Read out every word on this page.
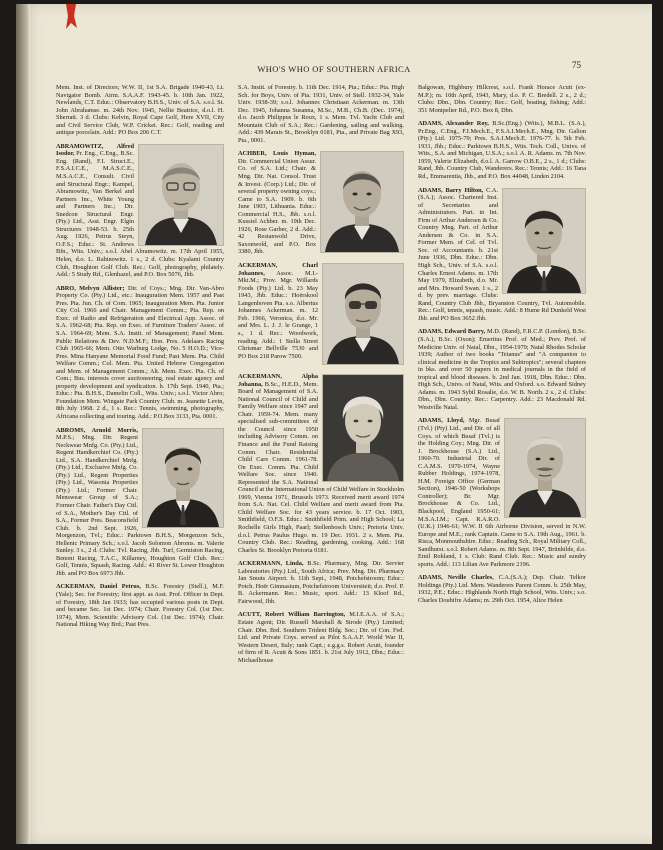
WHO'S WHO OF SOUTHERN AFRICA	75
Mem. Inst. of Directors; W.W. II, 1st S.A. Brigade 1940-43, Lt. Navigator Bomb. Airm. S.A.A.F. 1943-45. b. 10th Jan. 1922, Newlands, C.T. Educ.: Observatory B.H.S., Univ. of S.A. s.o.l. St. John Abrahamse. m. 24th Nov. 1945, Nellie Beatrice, d.o.l. H. Sherratt. 3 d. Clubs: Kelvin, Royal Cape Golf, Here XVII, City and Civil Service Club, W.P. Cricket. Rec.: Golf, reading and antique porcelain. Add.: PO Box 206 C.T.
ABRAMOWITZ, Alfred Isodor, Pr. Eng., C.Eng., B.Sc. Eng. (Rand), F.I. Struct.E., F.S.A.I.C.E., M.A.S.C.E., M.S.A.C.E., Consult. Civil and Structural Engr.; Kampel, Abramowitz, Van Berkel and Partners Inc., White Young and Partners Inc.; Dir. Snedcon Structural Engr. (Pty.) Ltd., Asst. Engr. Elgin Structures 1948-53. b. 25th Aug. 1926, Petrus Steyn, O.F.S.; Educ.: St. Andrews Bfn., Wits. Univ.; s.o.l. Abel Abramowitz. m. 17th April 1955, Helen, d.o. L. Rabinowitz. 1 s., 2 d. Clubs: Kyalami Country Club, Houghton Golf Club. Rec.: Golf, photography, philately. Add.: 5 Study Rd., Glenhazel, and P.O. Box 5076, Jhb.
ABRO, Melvyn Allister; Dir. of Coys.; Mng. Dir. Van-Abro Property Co. (Pty.) Ltd., etc.: Inauguration Mem. 1957 and Past Pres. Pta. Jun. Ch. of Com. 1965; Inauguration Mem. Pta. Junior City Col. 1966 and Chair. Management Comm.; Pta. Rep. on Exec. of Radio and Refrigeration and Electrical App. Assoc. of S.A. 1962-68; Pta. Rep. on Exec. of Furniture Traders' Assoc. of S.A. 1964-69; Mem. S.A. Instit. of Management; Panel Mem. Public Relations & Dev. N.D.M.F.; Hon. Pres. Adelaars Racing Club 1965-66; Mem. Otto Warburg Lodge, No. 5 H.O.D.; Vice-Pres. Mina Hanyane Memorial Food Fund; Past Mem. Pta. Child Welfare Comm.; Col. Mem. Pta. United Hebrew Congregation and Mem. of Management Comm.; Alt. Mem. Exec. Pta. Ch. of Com.; Bus. interests cover auctioneering, real estate agency and property development and syndication. b. 17th Sept. 1940, Pta.; Educ.: Pta. B.H.S., Damelin Coll., Wits. Univ.; s.o.l. Victor Abro; Foundation Mem. Wingate Park Country Club. m. Jeanette Levin, 8th July 1968. 2 d., 1 s. Rec.: Tennis, swimming, photography, Africana collecting and touring. Add.: P.O.Box 3133, Pta. 0001.
ABROMS, Arnold Morris, M.P.S.; Mng. Dir. Regent Neckwear Mnfg. Co. (Pty.) Ltd., Regent Handkerchief Co. (Pty.) Ltd., S.A. Handkerchief Mnfg. (Pty.) Ltd., Exclusive Mnfg. Co. (Pty.) Ltd., Regent Properties (Pty.) Ltd., Wasonia Properties (Pty.) Ltd.; Former Chair. Menswear Group of S.A.; Former Chair. Father's Day Cttl. of S.A., Mother's Day Cttl. of S.A., Former Pres. Beaconsfield Club. b. 2nd Sept. 1926, Morgenzon, Tvl.; Educ.: Parktown B.H.S., Morgenzon Sch., Hellenic Primary Sch.; s.o.l. Jacob Solomon Abroms. m. Valerie Sunley. 3 s., 2 d. Clubs: Tvl. Racing, Jhb. Turf, Germiston Racing, Benoni Racing, T.A.C., Killarney, Houghton Golf Club. Rec.: Golf, Tennis, Squash, Racing. Add.: 41 River St. Lower Houghton Jhb. and PO Box 6973 Jhb.
ACKERMAN, Daniel Petrus, B.Sc. Forestry (Stell.), M.F. (Yale); Sec. for Forestry; first appt. as Asst. Prof. Officer in Dept. of Forestry, 18th Jan 1933; has occupied various posts in Dept. and became Sec. 1st Dec. 1974; Chair. Forestry Col. (1st Dec. 1974), Mem. Scientific Advisory Col. (1st Dec. 1974); Chair. National Hiking Way Brd.; Past Pres.
S.A. Instit. of Forestry. b. 11th Dec. 1914, Pta.; Educ.: Pta. High Sch. for Boys, Univ. of Pta. 1931, Univ. of Stell. 1932-34, Yale Univ. 1938-39; s.o.l. Johannes Christiaan Ackerman. m. 13th Dec. 1945, Johanna Susanna, M.Sc., M.B., Ch.B. (Dec. 1974), d.o. Jacob Philippus le Roux, 1 s. Mem. Tvl. Yacht Club and Mountain Club of S.A.; Rec.: Gardening, sailing and walking. Add.: 439 Marais St., Brooklyn 0181, Pta., and Private Bag X93, Pta., 0001.
ACHBER, Louis Hyman, Dir. Commercial Union Assur. Co. of S.A. Ltd.; Chair. & Mng. Dir. Nat. Consol. Trust & Invest. (Corp.) Ltd.; Dir. of several property owning coys.; Came to S.A. 1909. b. 6th June 1903, Lithuania. Educ.: Commercial H.S., Jhb. s.o.l. Kussiel Achber. m. 19th Dec. 1926, Rose Garber, 2 d. Add.: 42 Restanwold Drive, Saxonwold, and P.O. Box 3380, Jhb.
ACKERMAN, Charl Johannes, Assoc. M.I.-Mkt.M.; Prov. Mgr. Willards Foods (Pty.) Ltd. b. 23 May 1943, Jhb. Educ.: Hoërskool Langenhoven Pta. s.o. Albertus Johannes Ackerman. m. 12 Feb. 1966, Veronica, d.o. Mr. and Mrs. L. J. J. le Grange, 1 s., 1 d. Rec.: Woodwork, reading. Add.: 1 Stella Street Chrismar Bellville 7530 and PO Box 218 Parow 7500.
ACKERMANN, Alpha Johanna, B.Sc., H.E.D., Mem. Board of Management of S.A. National Council of Child and Family Welfare since 1947 and Chair. 1959-74. Mem. many specialised sub-committees of the Council since 1950 including Advisory Comm. on Finance and the Fund Raising Comm. Chair. Residential Child Care Comm. 1961-78. On Exec. Comm. Pta. Child Welfare Soc. since 1940. Represented the S.A. National Council at the International Union of Child Welfare in Stockholm 1969, Vienna 1971, Brussels 1973. Received merit award 1974 from S.A. Nat. Cel. Child Welfare and merit award from Pta. Child Welfare Soc. for 43 years service. b. 17 Oct. 1903, Smithfield, O.F.S. Educ.: Smithfield Prim. and High School; La Rochelle Girls High, Paarl; Stellenbosch Univ.; Pretoria Univ. d.o.l. Petrus Paulus Hugo. m. 19 Dec. 1931. 2 s. Mem. Pta. Country Club. Rec.: Reading, gardening, cooking. Add.: 168 Charles St. Brooklyn Pretoria 0181.
ACKERMANN, Linda, B.Sc. Pharmacy, Mng. Dir. Servier Laboratories (Pty.) Ltd., South Africa; Prev. Mng. Dir. Pharmacy Jan Smuts Airport. b. 11th Sept., 1948, Potchefstroom; Educ.: Potch. Hoër Gimnasium, Potchefstroom Universiteit; d.o. Prof. P. B. Ackermann. Rec.: Music, sport. Add.: 13 Kloof Rd., Fairwood, Jhb.
ACUTT, Robert William Barrington, M.I.E.A.A. of S.A.; Estate Agent; Dir. Russell Marshall & Strode (Pty.) Limited; Chair. Dbn. Brd. Southern Trident Bldg. Soc.; Dir. of Con. Fed. Ltd. and Private Coys. served as Pilot S.A.A.F. World War II, Western Desert, Italy; rank Capt.; e.g.g.s. Robert Acutt, founder of firm of R. Acutt & Sons 1851. b. 21st July 1912, Dbn.; Educ.: Michaelhouse
Balgowan, Highbury Hillcrest, s.o.l. Frank Horace Acutt (ex-M.P.); m. 10th April, 1943, Mary, d.o. P. C. Bredell. 2 s., 2 d.; Clubs: Dbn., Dbn. Country; Rec.: Golf, boating, fishing; Add.: 351 Montpelier Rd., P.O. Box 8, Dbn.
ADAMS, Alexander Roy, B.Sc.(Eng.) (Wits.), M.B.L. (S.A.), Pr.Eng., C.Eng., F.I.Mech.E., F.S.A.I.Mech.E., Mng. Dir. Galion (Pty.) Ltd. 1975-79; Pres. S.A.I.Mech.E. 1976-77. b. 5th Feb. 1931, Jhb.; Educ.: Parktown B.H.S., Wits. Tech. Coll., Univs. of Wits., S.A. and Michigan, U.S.A.; s.o.l. A. R. Adams. m. 7th Nov. 1959, Valerie Elizabeth, d.o.l. A. Garrow O.B.E., 2 s., 1 d.; Clubs: Rand, Jhb. Country Club, Wanderers. Rec.: Tennis; Add.: 16 Tana Rd., Emmarentia, Jhb., and P.O. Box 44048, Linden 2104.
ADAMS, Barry Hilton, C.A. (S.A.); Assoc. Chartered Inst. of Secretaries and Administrators. Part. in Int. Firm of Arthur Andersen & Co. Country Mng. Part. of Arthur Andersen & Co. in S.A. Former Mem. of Cel. of Tvl. Soc. of Accountants. b. 21st June 1936, Dbn. Educ.: Dbn. High Sch., Univ. of S.A. s.o.l. Charles Ernest Adams. m. 17th May 1979, Elizabeth, d.o. Mr. and Mrs. Howard Swan. 1 s., 2 d. by prev. marriage. Clubs: Rand, Country Club Jhb., Bryanston Country, Tvl. Automobile. Rec.: Golf, tennis, squash, music. Add.: 8 Hume Rd Dunkeld West Jhb. and PO Box 3652 Jhb.
ADAMS, Edward Barry, M.D. (Rand), F.R.C.P. (London), B.Sc. (S.A.), B.Sc. (Oxon); Emeritus Prof. of Med.; Prev. Prof. of Medicine Univ. of Natal, Dbn., 1954-1979; Natal Rhodes Scholar 1939; Author of two books "Tetanus" and "A companion to clinical medicine in the Tropics and Subtropics"; several chapters in bks. and over 50 papers in medical journals in the field of tropical and blood diseases. b. 2nd Jan. 1918, Dbn. Educ.: Dbn. High Sch., Univs. of Natal, Wits. and Oxford. s.o. Edward Sidney Adams. m. 1943 Sybil Rosalie, d.o. W. B. North. 2 s., 2 d. Clubs: Dbn., Dbn. Country. Rec.: Carpentry. Add.: 23 Macdonald Rd. Westville Natal.
ADAMS, Lloyd, Mgr. Busaf (Tvl.) (Pty) Ltd., and Dir. of all Coys. of which Busaf (Tvl.) is the Holding Coy.; Mng. Dir. of J. Brockhouse (S.A.) Ltd., 1960-70. Industrial Dir. of C.A.M.S. 1970-1974, Wayne Rubber Holdings, 1974-1978, H.M. Foreign Office (German Section), 1946-50 (Workshops Controller); Br. Mgr. Brockhouse & Co. Ltd., Blackpool, England 1950-61; M.S.A.I.M.; Capt. R.A.R.O. (U.K.) 1946-61; W.W. II 6th Airborne Division, served in N.W. Europe and M.E.; rank Captain. Came to S.A. 19th Aug., 1961. b. Risca, Monmouthshire. Educ.: Reading Sch., Royal Military Coll., Sandhurst. s.o.l. Robert Adams. m. 8th Sept. 1947, Brünhilde, d.o. Emil Rohland, 1 s. Club: Rand Club. Rec.: Music and sundry sports. Add.: 113 Lilian Ave Parkmore 2196.
ADAMS, Neville Charles, C.A.(S.A.); Dep. Chair. Telkor Holdings (Pty.) Ltd. Mem. Wanderers Parent Comm. b. 25th May, 1932, P.E.; Educ.: Highlands North High School, Wits. Univ.; s.o. Charles Doubifre Adams; m. 29th Oct. 1954, Alice Helen
